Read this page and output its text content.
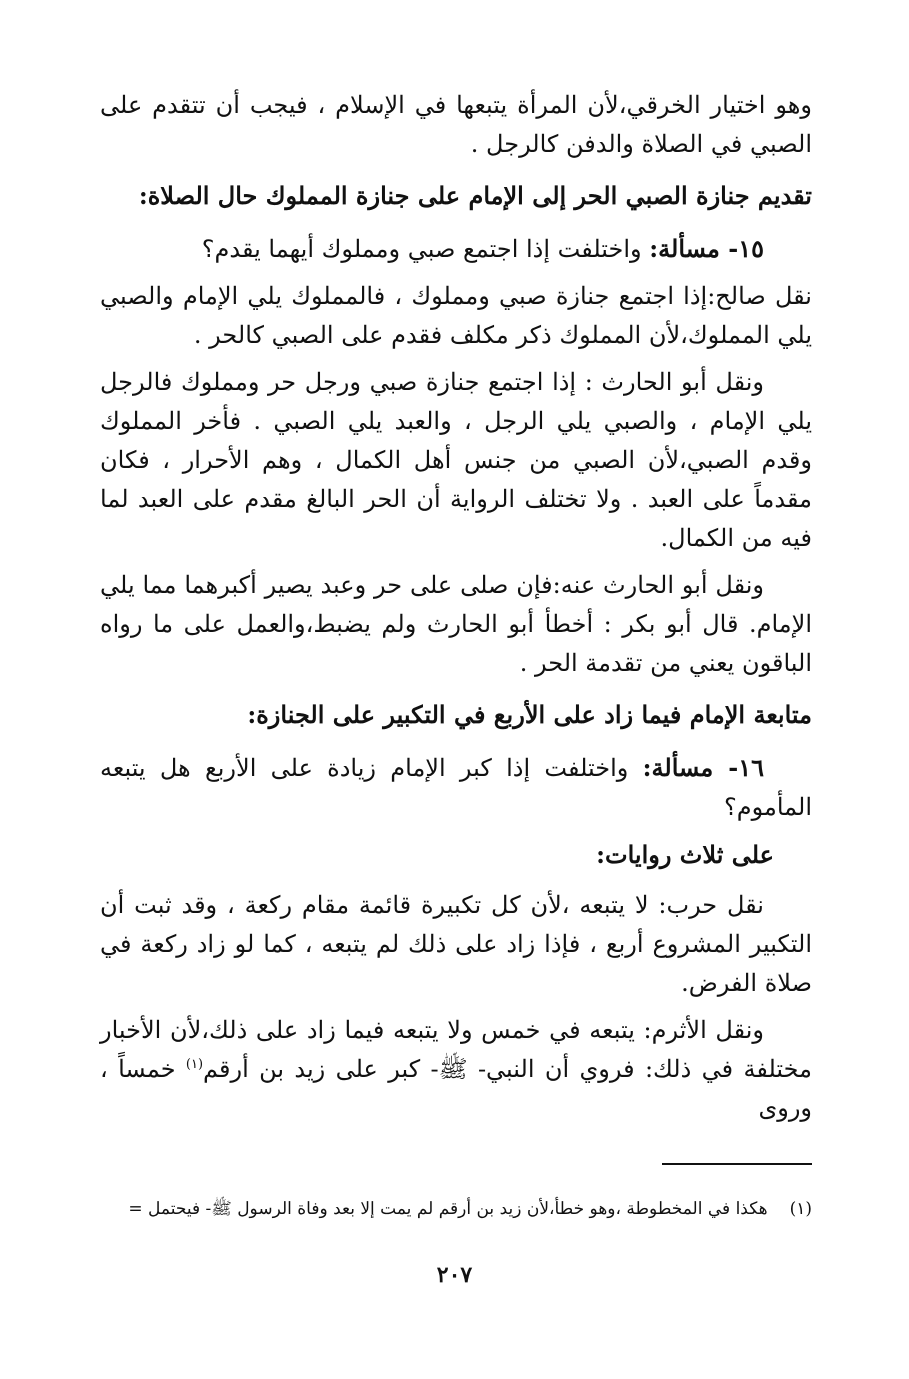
وهو اختيار الخرقي،لأن المرأة يتبعها في الإسلام ، فيجب أن تتقدم على الصبي في الصلاة والدفن كالرجل .

تقديم جنازة الصبي الحر إلى الإمام على جنازة المملوك حال الصلاة:

١٥- مسألة: واختلفت إذا اجتمع صبي ومملوك أيهما يقدم؟

نقل صالح:إذا اجتمع جنازة صبي ومملوك ، فالمملوك يلي الإمام والصبي يلي المملوك،لأن المملوك ذكر مكلف فقدم على الصبي كالحر .

ونقل أبو الحارث : إذا اجتمع جنازة صبي ورجل حر ومملوك فالرجل يلي الإمام ، والصبي يلي الرجل ، والعبد يلي الصبي . فأخر المملوك وقدم الصبي،لأن الصبي من جنس أهل الكمال ، وهم الأحرار ، فكان مقدماً على العبد . ولا تختلف الرواية أن الحر البالغ مقدم على العبد لما فيه من الكمال.

ونقل أبو الحارث عنه:فإن صلى على حر وعبد يصير أكبرهما مما يلي الإمام. قال أبو بكر : أخطأ أبو الحارث ولم يضبط،والعمل على ما رواه الباقون يعني من تقدمة الحر .

متابعة الإمام فيما زاد على الأربع في التكبير على الجنازة:

١٦- مسألة: واختلفت إذا كبر الإمام زيادة على الأربع هل يتبعه المأموم؟

على ثلاث روايات:

نقل حرب: لا يتبعه ،لأن كل تكبيرة قائمة مقام ركعة ، وقد ثبت أن التكبير المشروع أربع ، فإذا زاد على ذلك لم يتبعه ، كما لو زاد ركعة في صلاة الفرض.

ونقل الأثرم: يتبعه في خمس ولا يتبعه فيما زاد على ذلك،لأن الأخبار مختلفة في ذلك: فروي أن النبي- ﷺ- كبر على زيد بن أرقم$^{(١)}$ خمساً ، وروى

(١)هكذا في المخطوطة ،وهو خطأ،لأن زيد بن أرقم لم يمت إلا بعد وفاة الرسول ﷺ- فيحتمل =
٢٠٧
